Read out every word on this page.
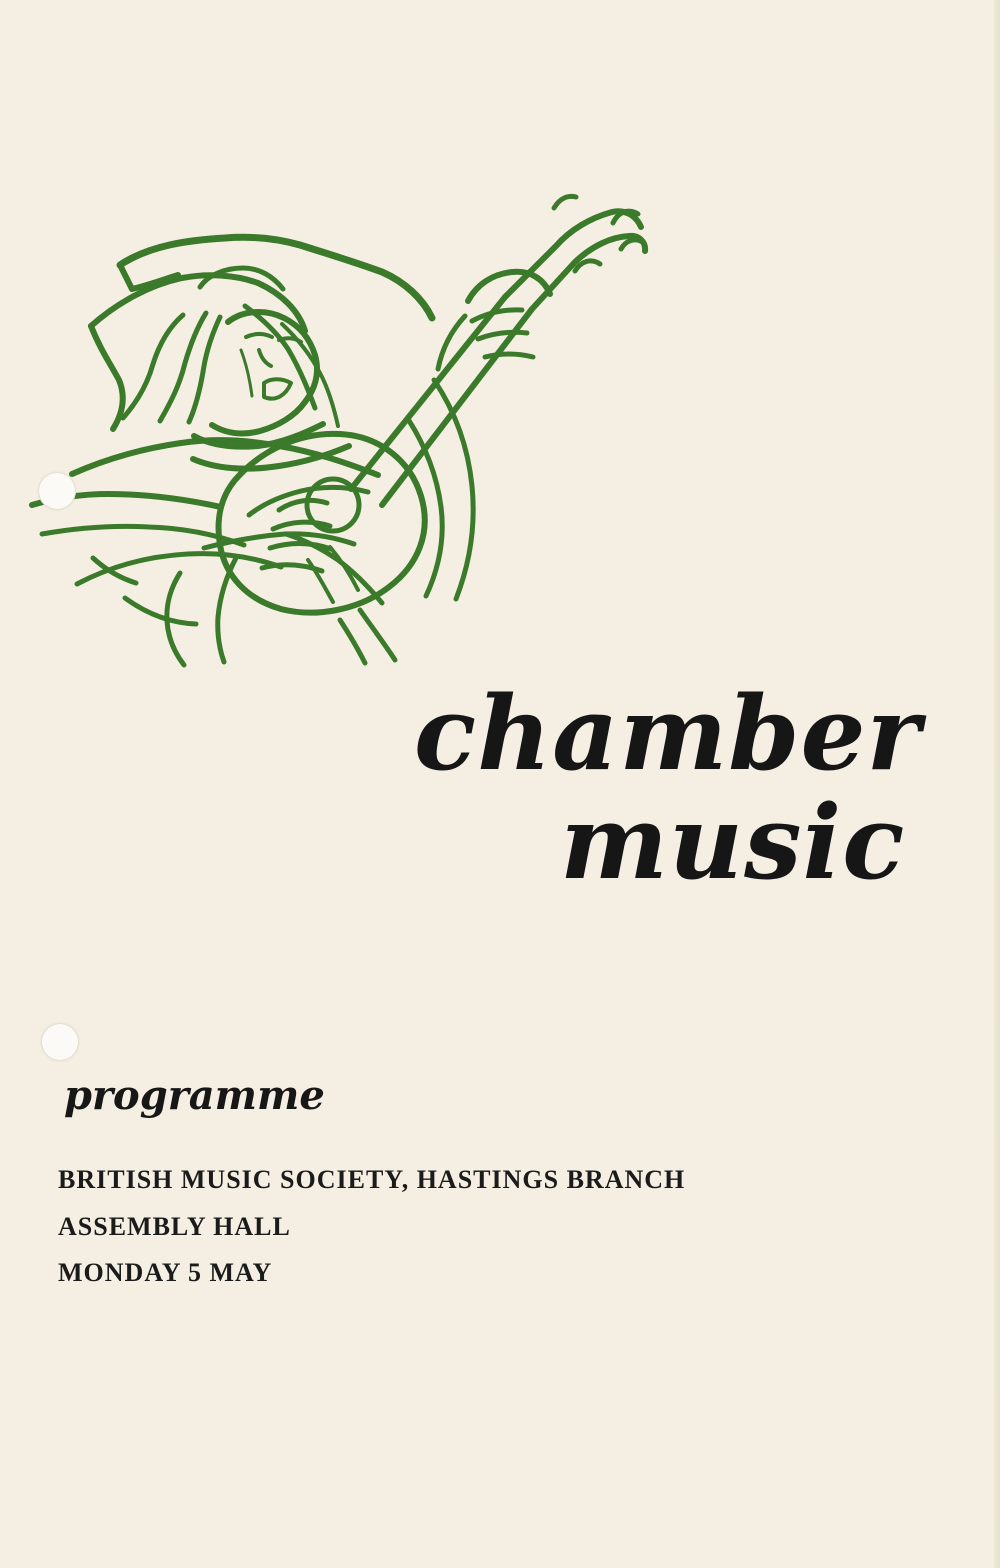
chamber
music
programme
BRITISH MUSIC SOCIETY, HASTINGS BRANCH
ASSEMBLY HALL
MONDAY 5 MAY
